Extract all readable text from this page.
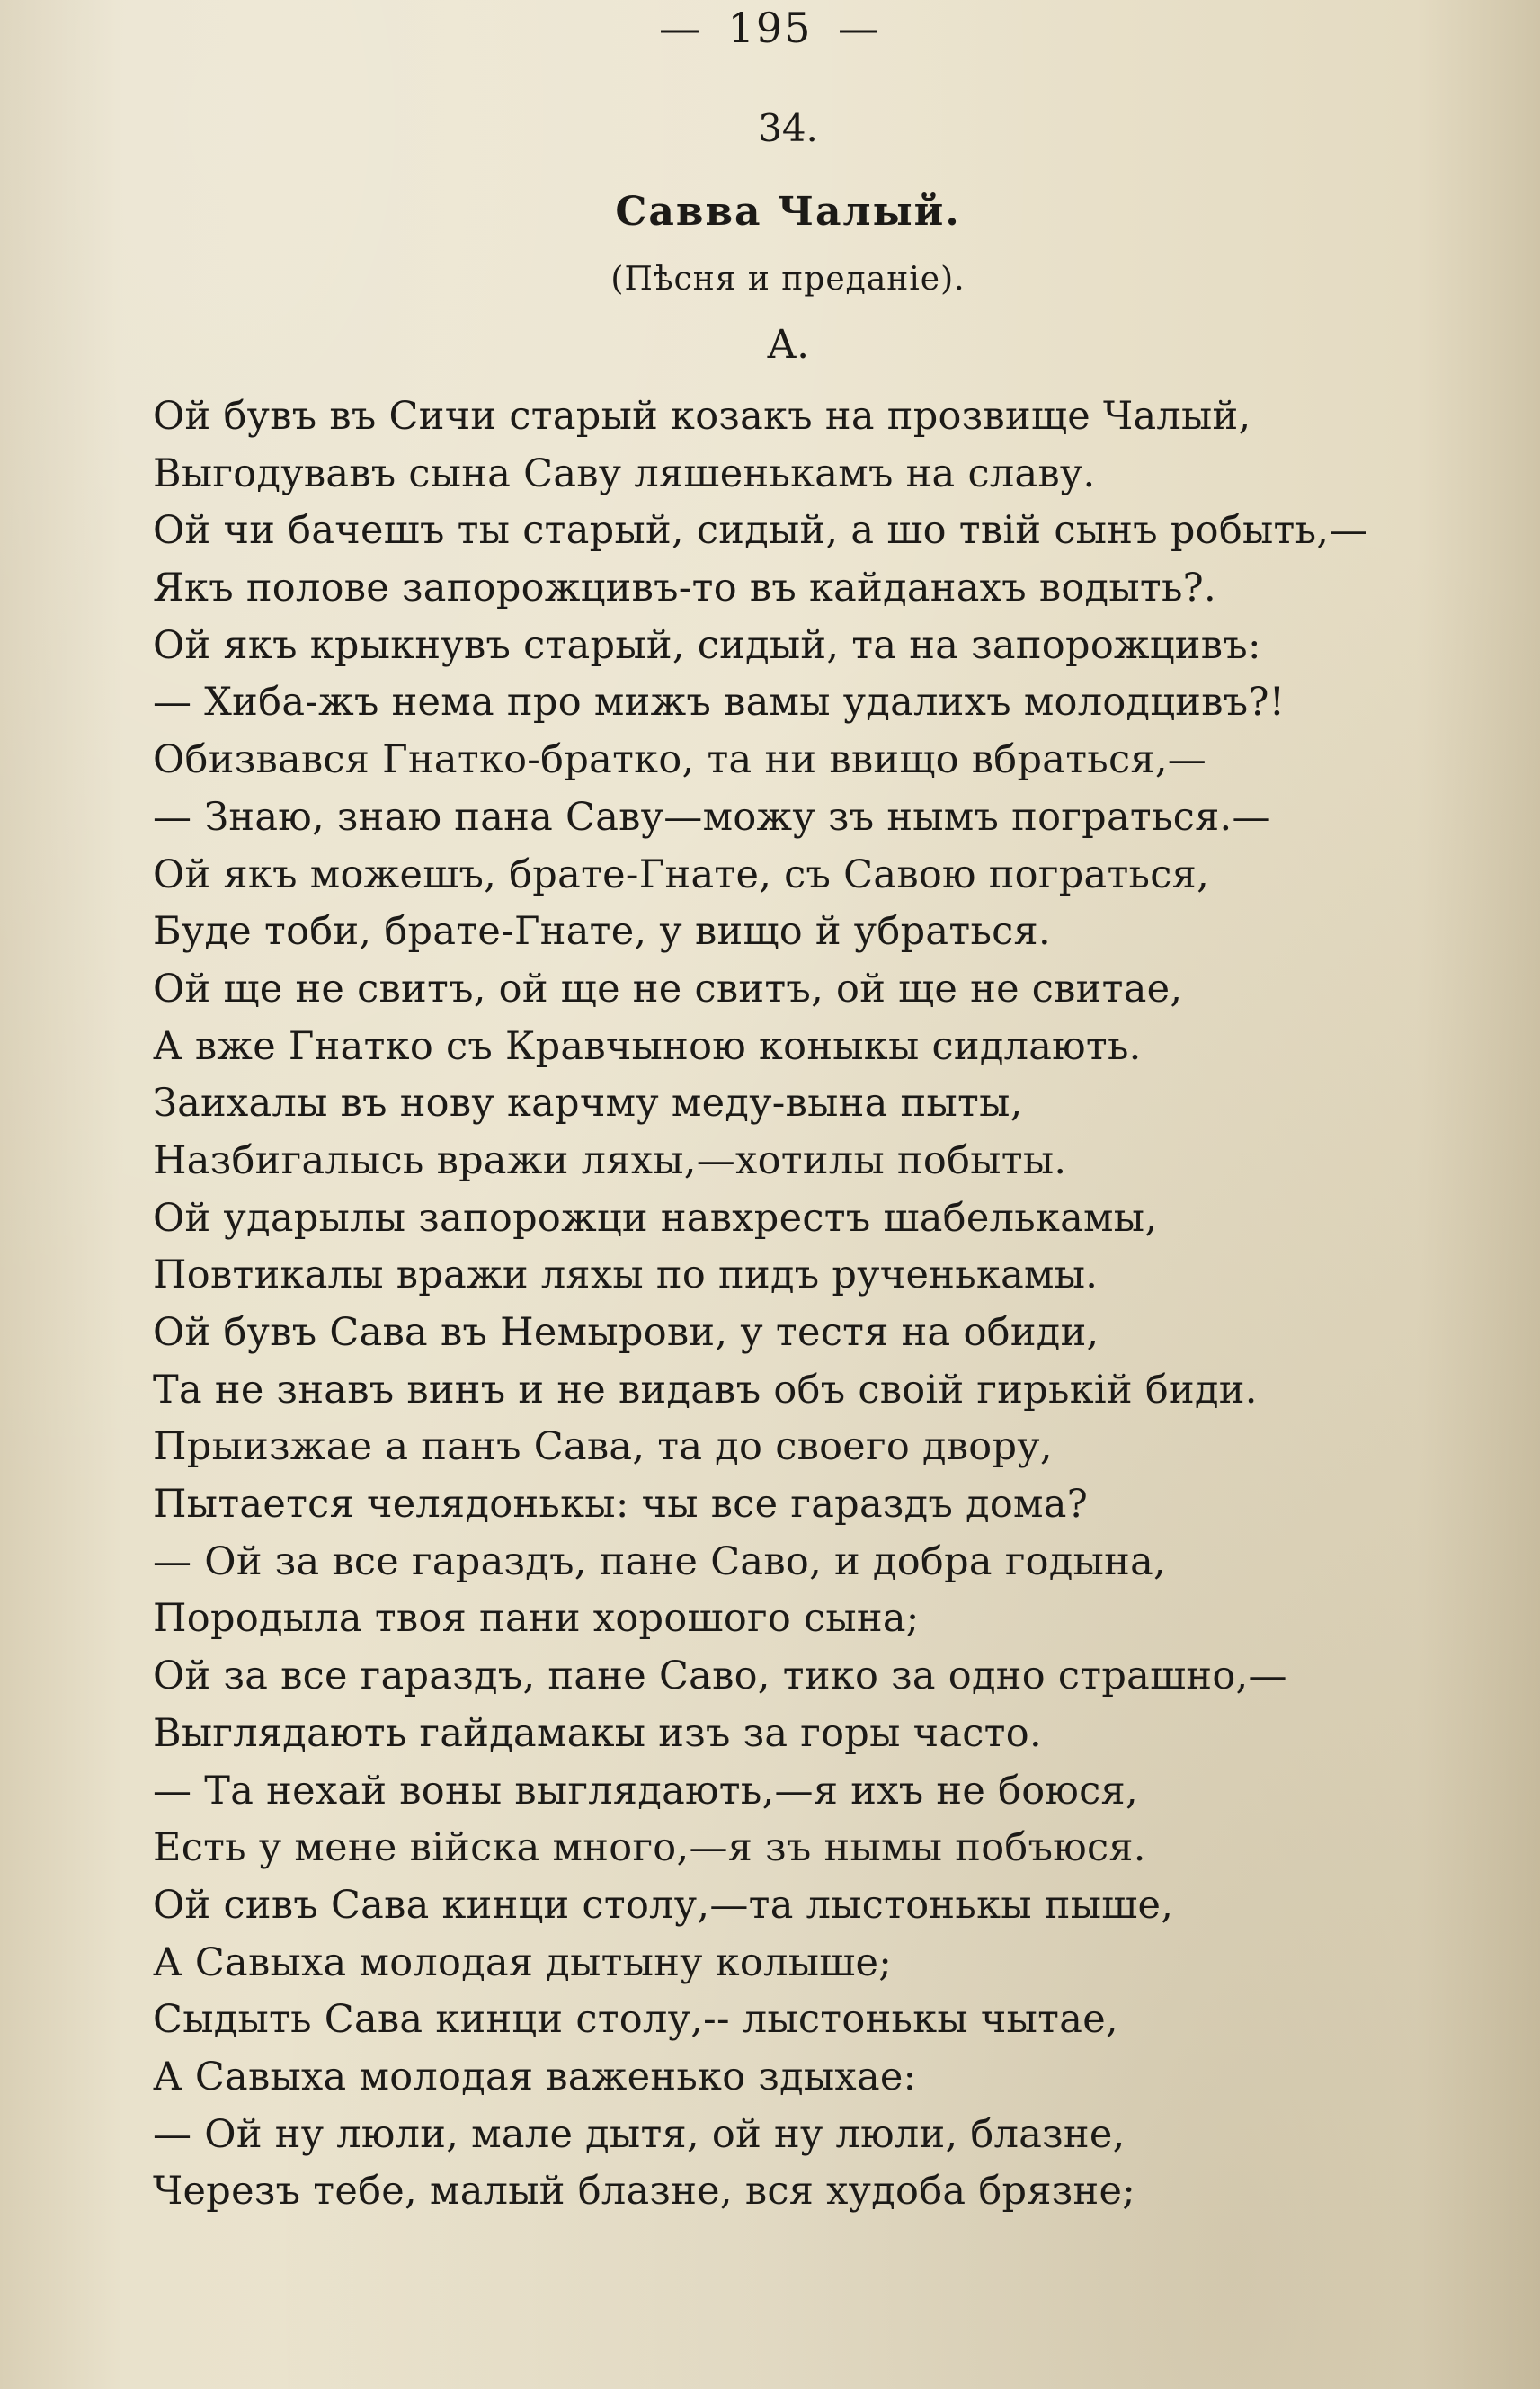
— 195 —
34.
Савва Чалый.
(Пѣсня и преданіе).
А.
Ой бувъ въ Сичи старый козакъ на прозвище Чалый,
Выгодувавъ сына Саву ляшенькамъ на славу.
Ой чи бачешъ ты старый, сидый, а шо твій сынъ робыть,—
Якъ полове запорожцивъ-то въ кайданахъ водыть?.
Ой якъ крыкнувъ старый, сидый, та на запорожцивъ:
— Хиба-жъ нема про мижъ вамы удалихъ молодцивъ?!
Обизвався Гнатко-братко, та ни ввищо вбраться,—
— Знаю, знаю пана Саву—можу зъ нымъ пограться.—
Ой якъ можешъ, брате-Гнате, съ Савою пограться,
Буде тоби, брате-Гнате, у вищо й убраться.
Ой ще не свитъ, ой ще не свитъ, ой ще не свитае,
А вже Гнатко съ Кравчыною коныкы сидлають.
Заихалы въ нову карчму меду-вына пыты,
Назбигалысь вражи ляхы,—хотилы побыты.
Ой ударылы запорожци навхрестъ шабелькамы,
Повтикалы вражи ляхы по пидъ рученькамы.
Ой бувъ Сава въ Немырови, у тестя на обиди,
Та не знавъ винъ и не видавъ объ своій гирькій биди.
Прыизжае а панъ Сава, та до своего двору,
Пытается челядонькы: чы все гараздъ дома?
— Ой за все гараздъ, пане Саво, и добра годына,
Породыла твоя пани хорошого сына;
Ой за все гараздъ, пане Саво, тико за одно страшно,—
Выглядають гайдамакы изъ за горы часто.
— Та нехай воны выглядають,—я ихъ не боюся,
Есть у мене війска много,—я зъ нымы побъюся.
Ой сивъ Сава кинци столу,—та лыстонькы пыше,
А Савыха молодая дытыну колыше;
Сыдыть Сава кинци столу,-- лыстонькы чытае,
А Савыха молодая важенько здыхае:
— Ой ну люли, мале дытя, ой ну люли, блазне,
Черезъ тебе, малый блазне, вся худоба брязне;
